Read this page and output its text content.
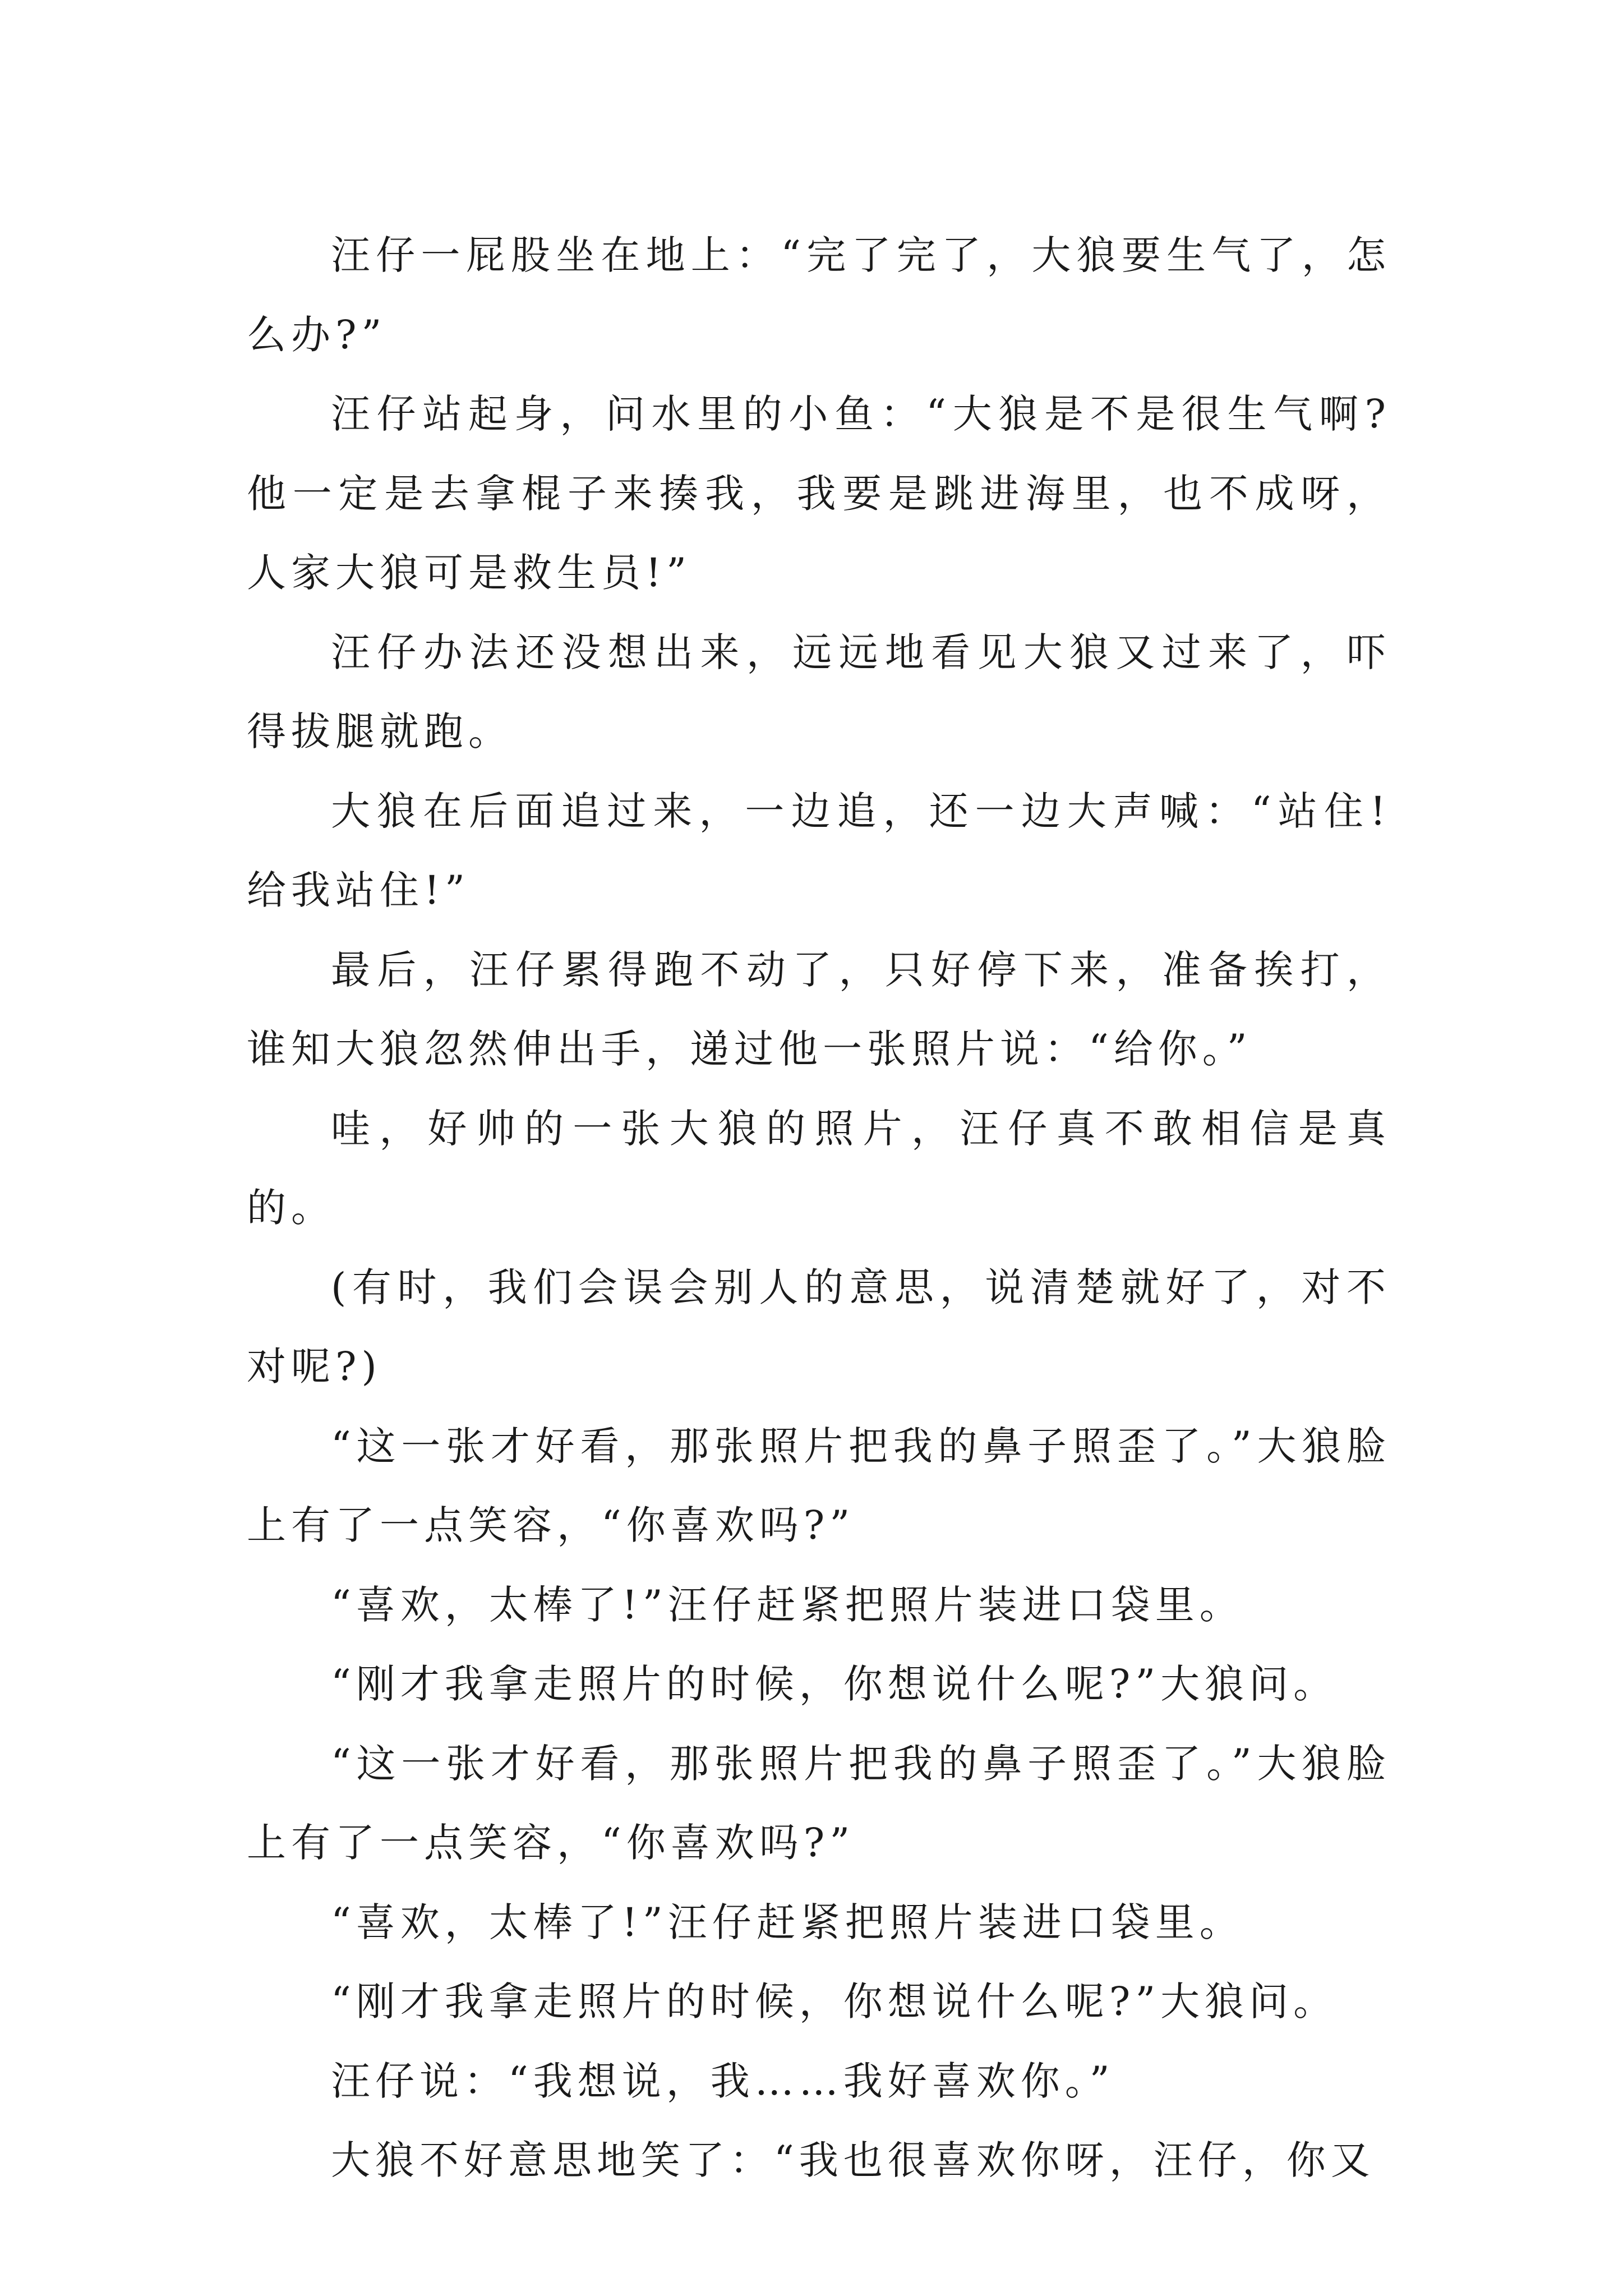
汪仔一屁股坐在地上：“完了完了，大狼要生气了，怎么办?”

汪仔站起身，问水里的小鱼：“大狼是不是很生气啊?他一定是去拿棍子来揍我，我要是跳进海里，也不成呀，人家大狼可是救生员!”

汪仔办法还没想出来，远远地看见大狼又过来了，吓得拔腿就跑。

大狼在后面追过来，一边追，还一边大声喊：“站住!给我站住!”

最后，汪仔累得跑不动了，只好停下来，准备挨打，谁知大狼忽然伸出手，递过他一张照片说：“给你。”

哇，好帅的一张大狼的照片，汪仔真不敢相信是真的。

(有时，我们会误会别人的意思，说清楚就好了，对不对呢?)

“这一张才好看，那张照片把我的鼻子照歪了。”大狼脸上有了一点笑容，“你喜欢吗?”

“喜欢，太棒了!”汪仔赶紧把照片装进口袋里。

“刚才我拿走照片的时候，你想说什么呢?”大狼问。

“这一张才好看，那张照片把我的鼻子照歪了。”大狼脸上有了一点笑容，“你喜欢吗?”

“喜欢，太棒了!”汪仔赶紧把照片装进口袋里。

“刚才我拿走照片的时候，你想说什么呢?”大狼问。

汪仔说：“我想说，我……我好喜欢你。”

大狼不好意思地笑了：“我也很喜欢你呀，汪仔，你又
